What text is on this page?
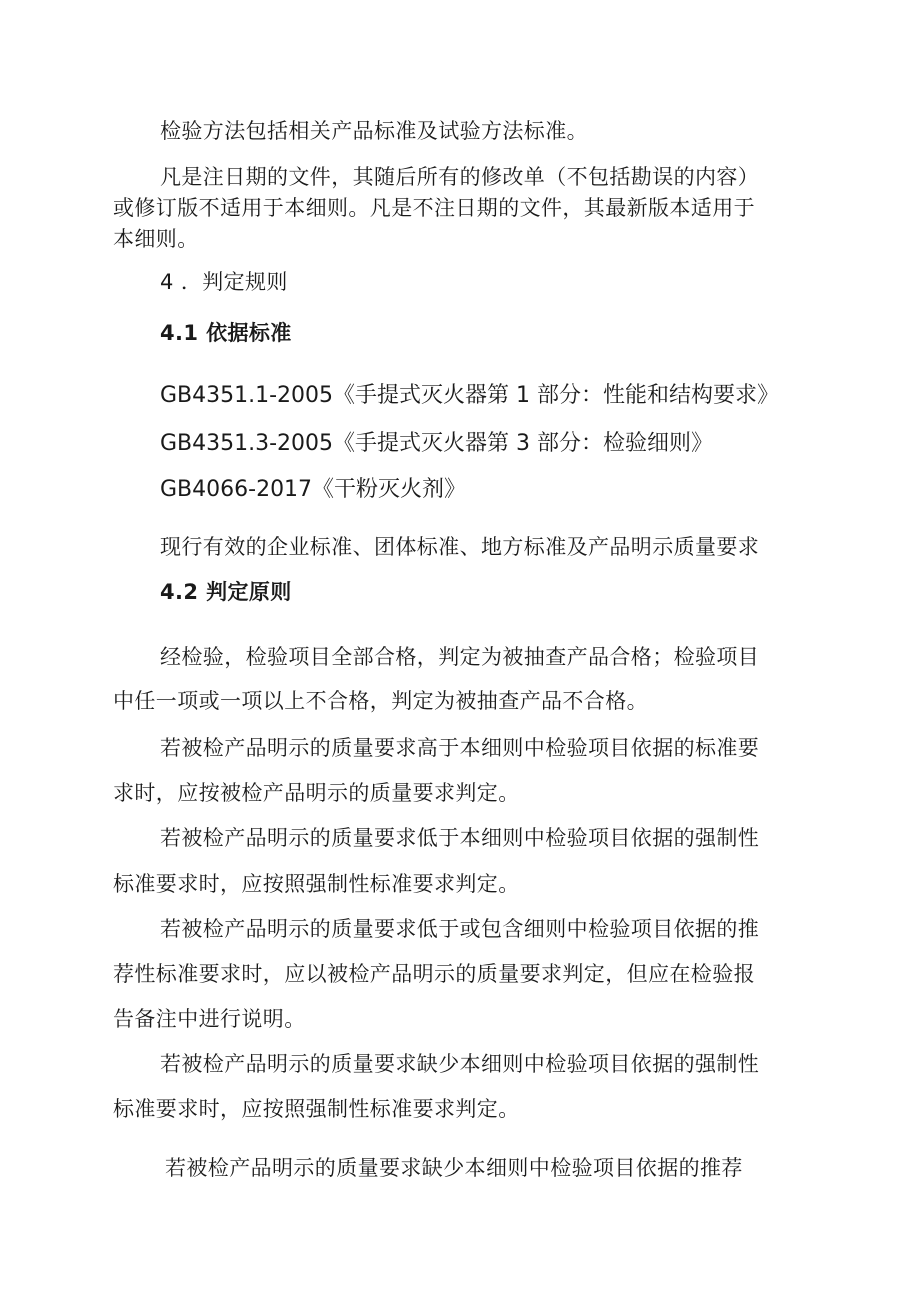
检验方法包括相关产品标准及试验方法标准。
凡是注日期的文件，其随后所有的修改单（不包括勘误的内容）
或修订版不适用于本细则。凡是不注日期的文件，其最新版本适用于
本细则。
4 ．判定规则
4.1 依据标准
GB4351.1-2005《手提式灭火器第 1 部分：性能和结构要求》
GB4351.3-2005《手提式灭火器第 3 部分：检验细则》
GB4066-2017《干粉灭火剂》
现行有效的企业标准、团体标准、地方标准及产品明示质量要求
4.2 判定原则
经检验，检验项目全部合格，判定为被抽查产品合格；检验项目
中任一项或一项以上不合格，判定为被抽查产品不合格。
若被检产品明示的质量要求高于本细则中检验项目依据的标准要
求时，应按被检产品明示的质量要求判定。
若被检产品明示的质量要求低于本细则中检验项目依据的强制性
标准要求时，应按照强制性标准要求判定。
若被检产品明示的质量要求低于或包含细则中检验项目依据的推
荐性标准要求时，应以被检产品明示的质量要求判定，但应在检验报
告备注中进行说明。
若被检产品明示的质量要求缺少本细则中检验项目依据的强制性
标准要求时，应按照强制性标准要求判定。
若被检产品明示的质量要求缺少本细则中检验项目依据的推荐
